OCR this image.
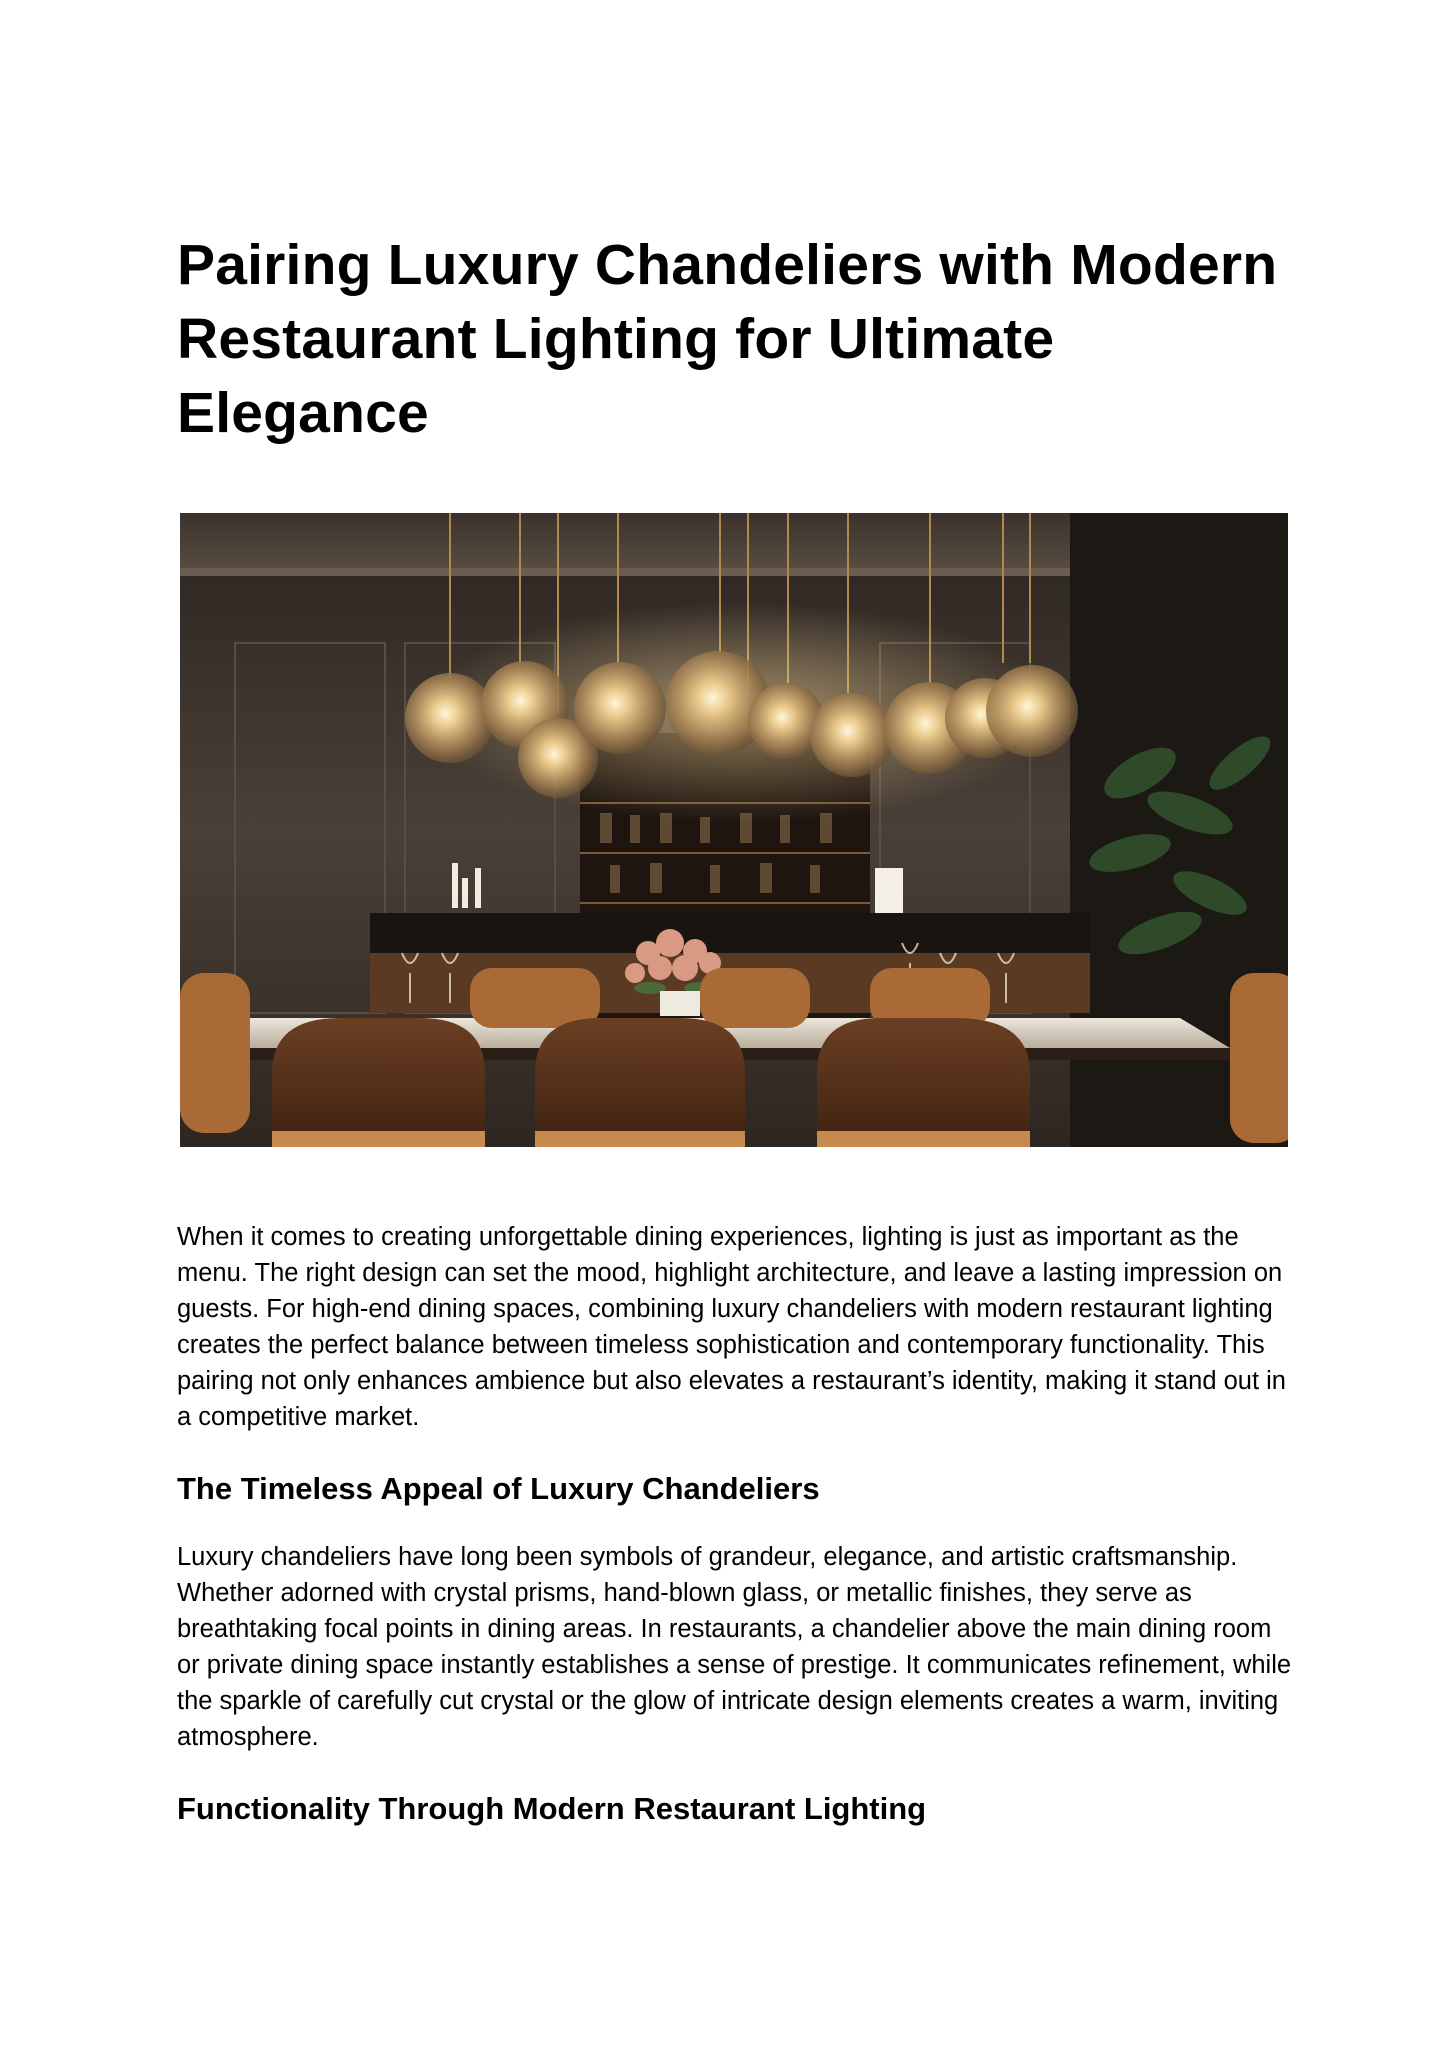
Pairing Luxury Chandeliers with Modern Restaurant Lighting for Ultimate Elegance

When it comes to creating unforgettable dining experiences, lighting is just as important as the menu. The right design can set the mood, highlight architecture, and leave a lasting impression on guests. For high-end dining spaces, combining luxury chandeliers with modern restaurant lighting creates the perfect balance between timeless sophistication and contemporary functionality. This pairing not only enhances ambience but also elevates a restaurant’s identity, making it stand out in a competitive market.

The Timeless Appeal of Luxury Chandeliers

Luxury chandeliers have long been symbols of grandeur, elegance, and artistic craftsmanship. Whether adorned with crystal prisms, hand-blown glass, or metallic finishes, they serve as breathtaking focal points in dining areas. In restaurants, a chandelier above the main dining room or private dining space instantly establishes a sense of prestige. It communicates refinement, while the sparkle of carefully cut crystal or the glow of intricate design elements creates a warm, inviting atmosphere.

Functionality Through Modern Restaurant Lighting
